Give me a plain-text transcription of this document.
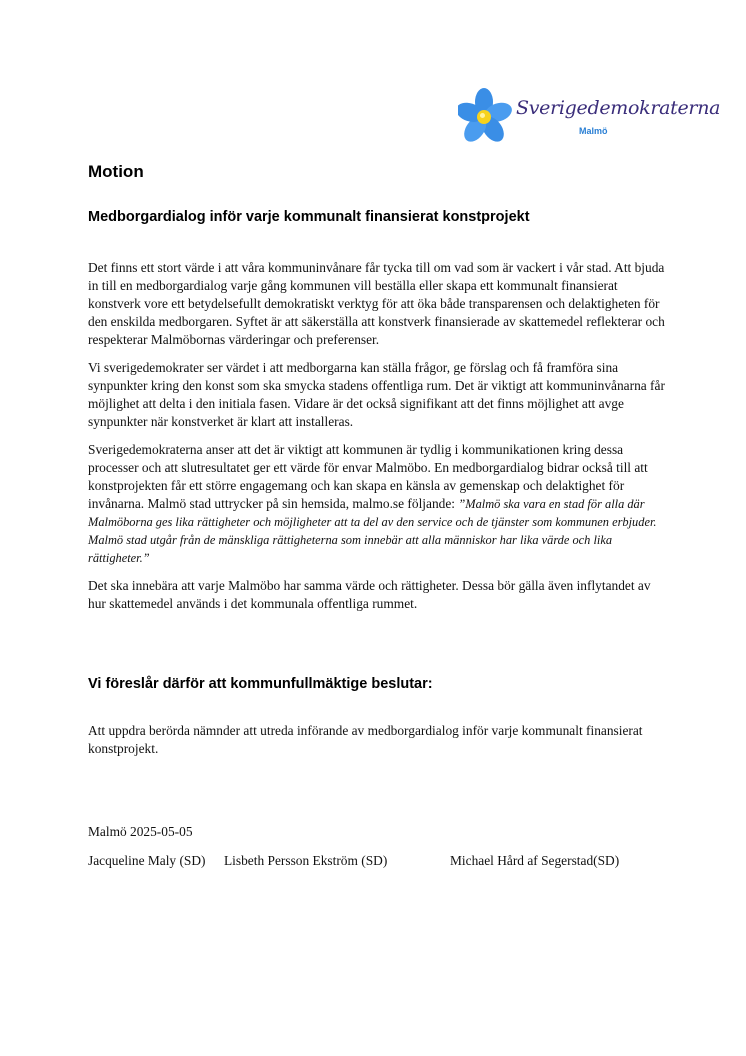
Sverigedemokraterna
Malmö
Motion
Medborgardialog inför varje kommunalt finansierat konstprojekt

Det finns ett stort värde i att våra kommuninvånare får tycka till om vad som är vackert i vår stad. Att bjuda in till en medborgardialog varje gång kommunen vill beställa eller skapa ett kommunalt finansierat konstverk vore ett betydelsefullt demokratiskt verktyg för att öka både transparensen och delaktigheten för den enskilda medborgaren. Syftet är att säkerställa att konstverk finansierade av skattemedel reflekterar och respekterar Malmöbornas värderingar och preferenser.

Vi sverigedemokrater ser värdet i att medborgarna kan ställa frågor, ge förslag och få framföra sina synpunkter kring den konst som ska smycka stadens offentliga rum. Det är viktigt att kommuninvånarna får möjlighet att delta i den initiala fasen. Vidare är det också signifikant att det finns möjlighet att avge synpunkter när konstverket är klart att installeras.

Sverigedemokraterna anser att det är viktigt att kommunen är tydlig i kommunikationen kring dessa processer och att slutresultatet ger ett värde för envar Malmöbo. En medborgardialog bidrar också till att konstprojekten får ett större engagemang och kan skapa en känsla av gemenskap och delaktighet för invånarna. Malmö stad uttrycker på sin hemsida, malmo.se följande: ”Malmö ska vara en stad för alla där Malmöborna ges lika rättigheter och möjligheter att ta del av den service och de tjänster som kommunen erbjuder. Malmö stad utgår från de mänskliga rättigheterna som innebär att alla människor har lika värde och lika rättigheter.”

Det ska innebära att varje Malmöbo har samma värde och rättigheter. Dessa bör gälla även inflytandet av hur skattemedel används i det kommunala offentliga rummet.

Vi föreslår därför att kommunfullmäktige beslutar:

Att uppdra berörda nämnder att utreda införande av medborgardialog inför varje kommunalt finansierat konstprojekt.

Malmö 2025-05-05

Jacqueline Maly (SD) Lisbeth Persson Ekström (SD)	Michael Hård af Segerstad(SD)
